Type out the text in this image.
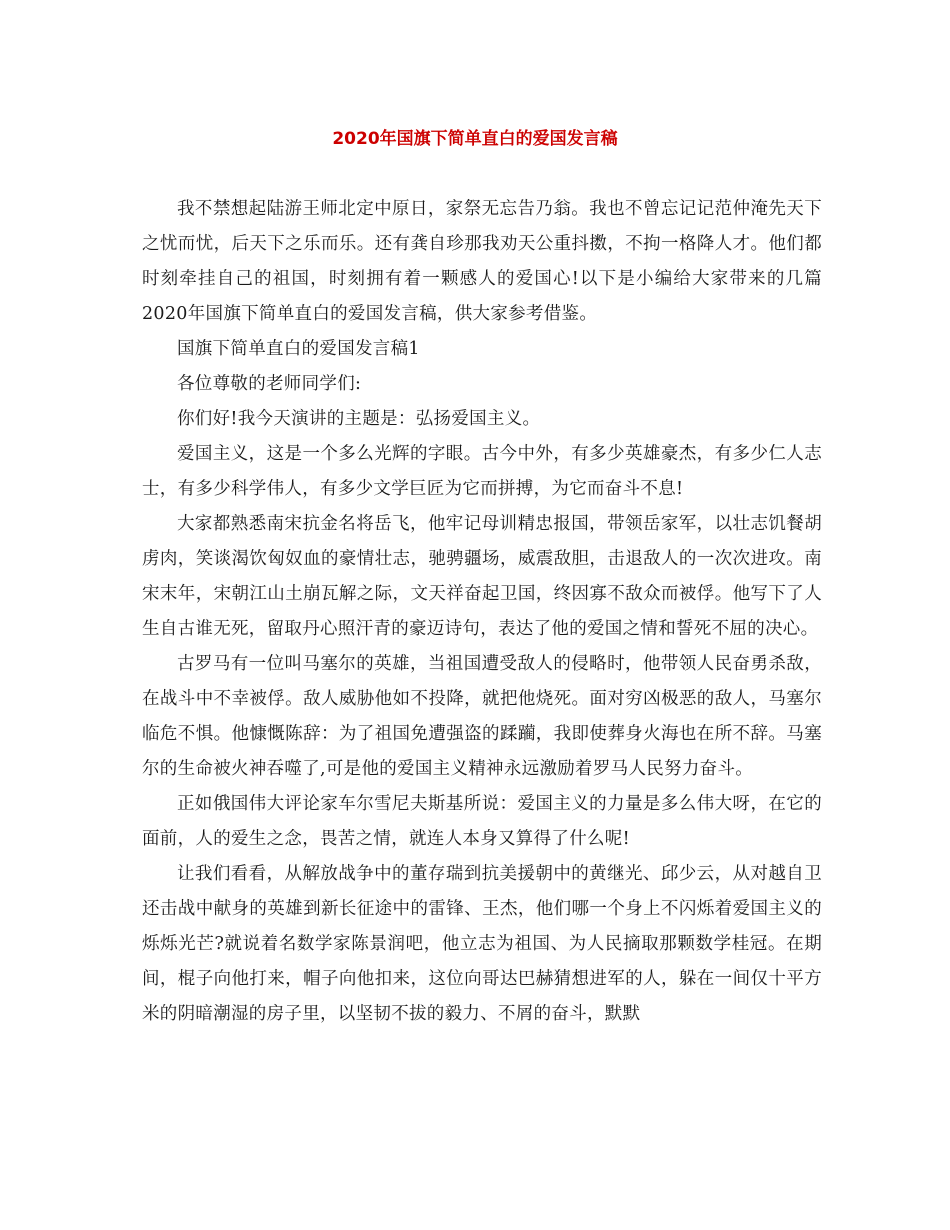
2020年国旗下简单直白的爱国发言稿

我不禁想起陆游王师北定中原日，家祭无忘告乃翁。我也不曾忘记记范仲淹先天下之忧而忧，后天下之乐而乐。还有龚自珍那我劝天公重抖擞，不拘一格降人才。他们都时刻牵挂自己的祖国，时刻拥有着一颗感人的爱国心!以下是小编给大家带来的几篇2020年国旗下简单直白的爱国发言稿，供大家参考借鉴。

国旗下简单直白的爱国发言稿1

各位尊敬的老师同学们:

你们好!我今天演讲的主题是：弘扬爱国主义。

爱国主义，这是一个多么光辉的字眼。古今中外，有多少英雄豪杰，有多少仁人志士，有多少科学伟人，有多少文学巨匠为它而拼搏，为它而奋斗不息!

大家都熟悉南宋抗金名将岳飞，他牢记母训精忠报国，带领岳家军，以壮志饥餐胡虏肉，笑谈渴饮匈奴血的豪情壮志，驰骋疆场，威震敌胆，击退敌人的一次次进攻。南宋末年，宋朝江山土崩瓦解之际，文天祥奋起卫国，终因寡不敌众而被俘。他写下了人生自古谁无死，留取丹心照汗青的豪迈诗句，表达了他的爱国之情和誓死不屈的决心。

古罗马有一位叫马塞尔的英雄，当祖国遭受敌人的侵略时，他带领人民奋勇杀敌，在战斗中不幸被俘。敌人威胁他如不投降，就把他烧死。面对穷凶极恶的敌人，马塞尔临危不惧。他慷慨陈辞：为了祖国免遭强盗的蹂躏，我即使葬身火海也在所不辞。马塞尔的生命被火神吞噬了,可是他的爱国主义精神永远激励着罗马人民努力奋斗。

正如俄国伟大评论家车尔雪尼夫斯基所说：爱国主义的力量是多么伟大呀，在它的面前，人的爱生之念，畏苦之情，就连人本身又算得了什么呢!

让我们看看，从解放战争中的董存瑞到抗美援朝中的黄继光、邱少云，从对越自卫还击战中献身的英雄到新长征途中的雷锋、王杰，他们哪一个身上不闪烁着爱国主义的烁烁光芒?就说着名数学家陈景润吧，他立志为祖国、为人民摘取那颗数学桂冠。在期间，棍子向他打来，帽子向他扣来，这位向哥达巴赫猜想进军的人，躲在一间仅十平方米的阴暗潮湿的房子里，以坚韧不拔的毅力、不屑的奋斗，默默
